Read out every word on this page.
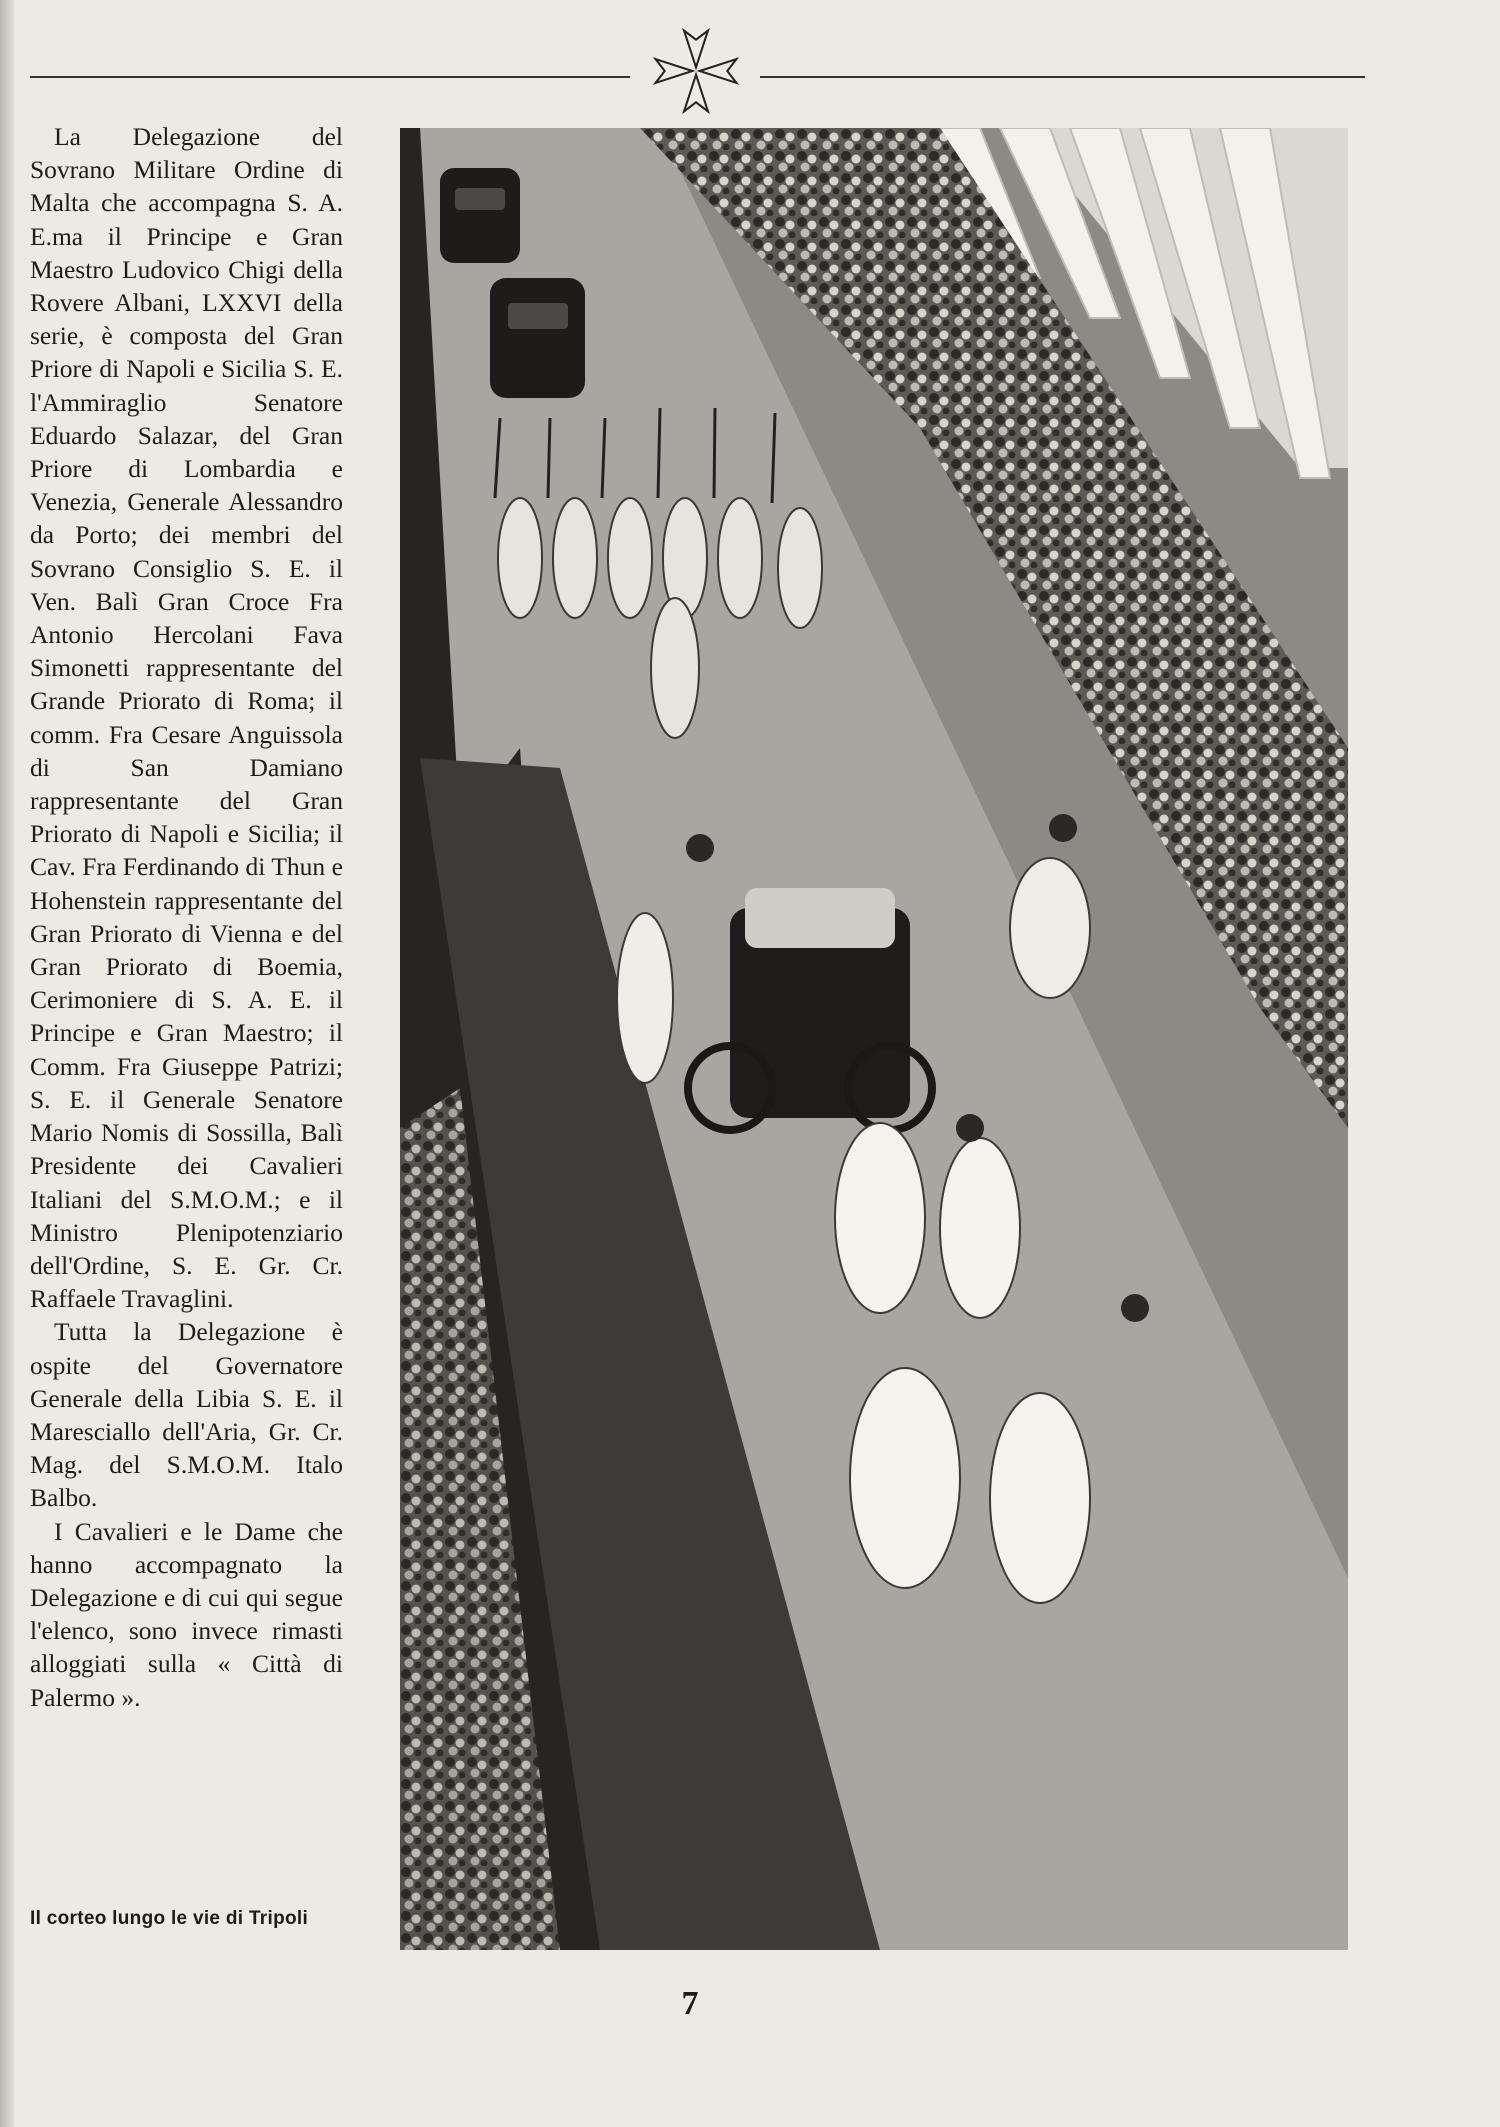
La Delegazione del Sovrano Militare Ordine di Malta che accompagna S. A. E.ma il Principe e Gran Maestro Ludovico Chigi della Rovere Albani, LXXVI della serie, è composta del Gran Priore di Napoli e Sicilia S. E. l'Ammiraglio Senatore Eduardo Salazar, del Gran Priore di Lombardia e Venezia, Generale Alessandro da Porto; dei membri del Sovrano Consiglio S. E. il Ven. Balì Gran Croce Fra Antonio Hercolani Fava Simonetti rappresentante del Grande Priorato di Roma; il comm. Fra Cesare Anguissola di San Damiano rappresentante del Gran Priorato di Napoli e Sicilia; il Cav. Fra Ferdinando di Thun e Hohenstein rappresentante del Gran Priorato di Vienna e del Gran Priorato di Boemia, Cerimoniere di S. A. E. il Principe e Gran Maestro; il Comm. Fra Giuseppe Patrizi; S. E. il Generale Senatore Mario Nomis di Sossilla, Balì Presidente dei Cavalieri Italiani del S.M.O.M.; e il Ministro Plenipotenziario dell'Ordine, S. E. Gr. Cr. Raffaele Travaglini.

Tutta la Delegazione è ospite del Governatore Generale della Libia S. E. il Maresciallo dell'Aria, Gr. Cr. Mag. del S.M.O.M. Italo Balbo.

I Cavalieri e le Dame che hanno accompagnato la Delegazione e di cui qui segue l'elenco, sono invece rimasti alloggiati sulla « Città di Palermo ».

Il corteo lungo le vie di Tripoli
7
